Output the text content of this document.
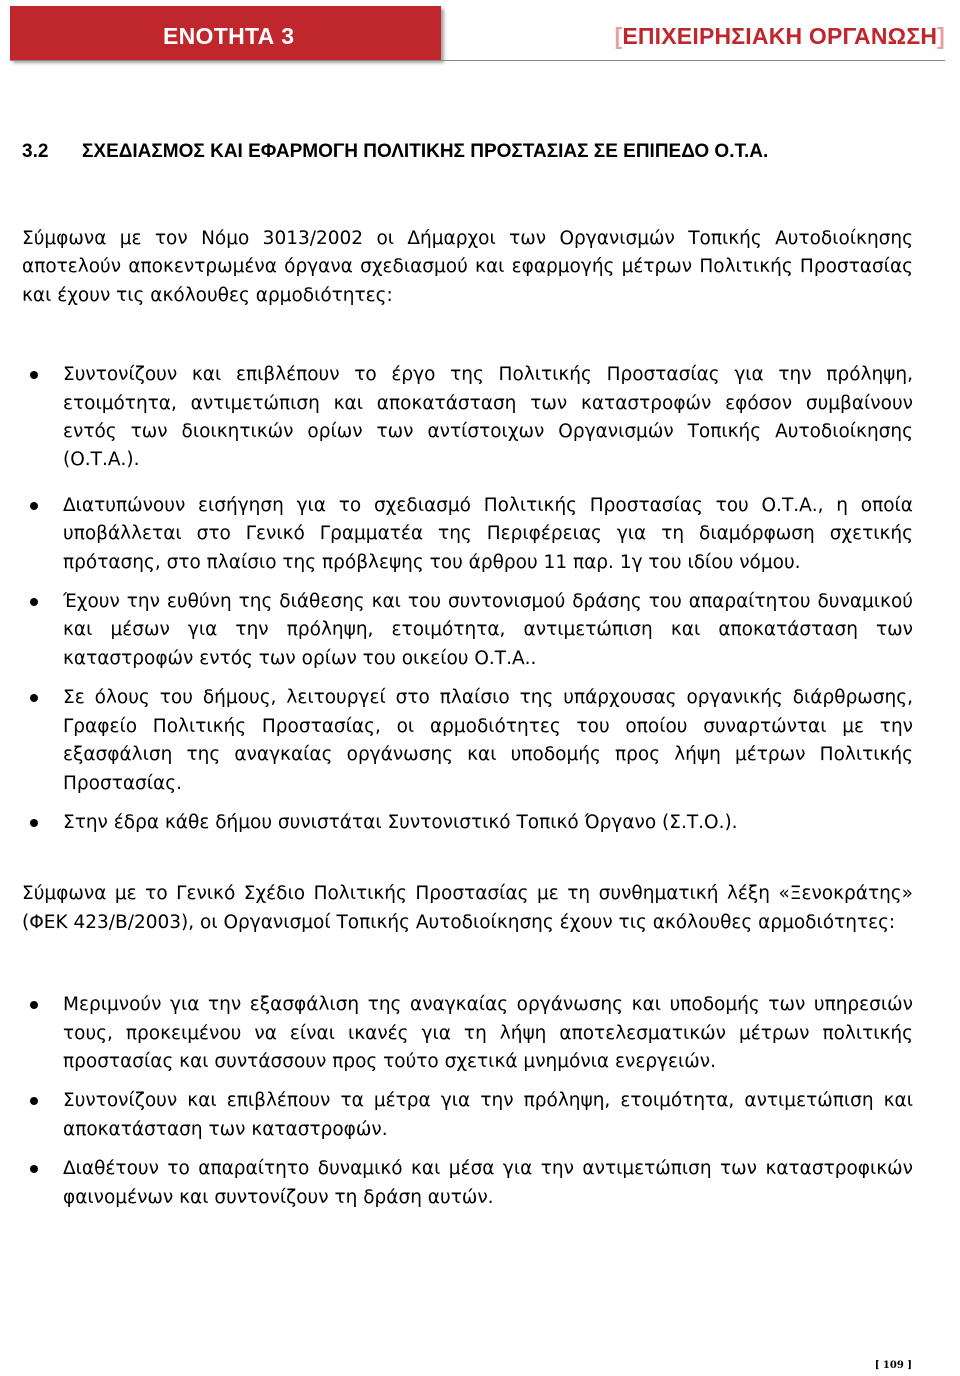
ΕΝΟΤΗΤΑ 3	[ΕΠΙΧΕΙΡΗΣΙΑΚΗ ΟΡΓΑΝΩΣΗ]
3.2	ΣΧΕΔΙΑΣΜΟΣ ΚΑΙ ΕΦΑΡΜΟΓΗ ΠΟΛΙΤΙΚΗΣ ΠΡΟΣΤΑΣΙΑΣ ΣΕ ΕΠΙΠΕΔΟ Ο.Τ.Α.

Σύμφωνα με τον Νόμο 3013/2002 οι Δήμαρχοι των Οργανισμών Τοπικής Αυτοδιοίκησης αποτελούν αποκεντρωμένα όργανα σχεδιασμού και εφαρμογής μέτρων Πολιτικής Προστασίας και έχουν τις ακόλουθες αρμοδιότητες:

Συντονίζουν και επιβλέπουν το έργο της Πολιτικής Προστασίας για την πρόληψη, ετοιμότητα, αντιμετώπιση και αποκατάσταση των καταστροφών εφόσον συμβαίνουν εντός των διοικητικών ορίων των αντίστοιχων Οργανισμών Τοπικής Αυτοδιοίκησης (Ο.Τ.Α.).
Διατυπώνουν εισήγηση για το σχεδιασμό Πολιτικής Προστασίας του Ο.Τ.Α., η οποία υποβάλλεται στο Γενικό Γραμματέα της Περιφέρειας για τη διαμόρφωση σχετικής πρότασης, στο πλαίσιο της πρόβλεψης του άρθρου 11 παρ. 1γ του ιδίου νόμου.
Έχουν την ευθύνη της διάθεσης και του συντονισμού δράσης του απαραίτητου δυναμικού και μέσων για την πρόληψη, ετοιμότητα, αντιμετώπιση και αποκατάσταση των καταστροφών εντός των ορίων του οικείου Ο.Τ.Α..
Σε όλους του δήμους, λειτουργεί στο πλαίσιο της υπάρχουσας οργανικής διάρθρωσης, Γραφείο Πολιτικής Προστασίας, οι αρμοδιότητες του οποίου συναρτώνται με την εξασφάλιση της αναγκαίας οργάνωσης και υποδομής προς λήψη μέτρων Πολιτικής Προστασίας.
Στην έδρα κάθε δήμου συνιστάται Συντονιστικό Τοπικό Όργανο (Σ.Τ.Ο.).

Σύμφωνα με το Γενικό Σχέδιο Πολιτικής Προστασίας με τη συνθηματική λέξη «Ξενοκράτης» (ΦΕΚ 423/Β/2003), οι Οργανισμοί Τοπικής Αυτοδιοίκησης έχουν τις ακόλουθες αρμοδιότητες:

Μεριμνούν για την εξασφάλιση της αναγκαίας οργάνωσης και υποδομής των υπηρεσιών τους, προκειμένου να είναι ικανές για τη λήψη αποτελεσματικών μέτρων πολιτικής προστασίας και συντάσσουν προς τούτο σχετικά μνημόνια ενεργειών.
Συντονίζουν και επιβλέπουν τα μέτρα για την πρόληψη, ετοιμότητα, αντιμετώπιση και αποκατάσταση των καταστροφών.
Διαθέτουν το απαραίτητο δυναμικό και μέσα για την αντιμετώπιση των καταστροφικών φαινομένων και συντονίζουν τη δράση αυτών.
[ 109 ]
